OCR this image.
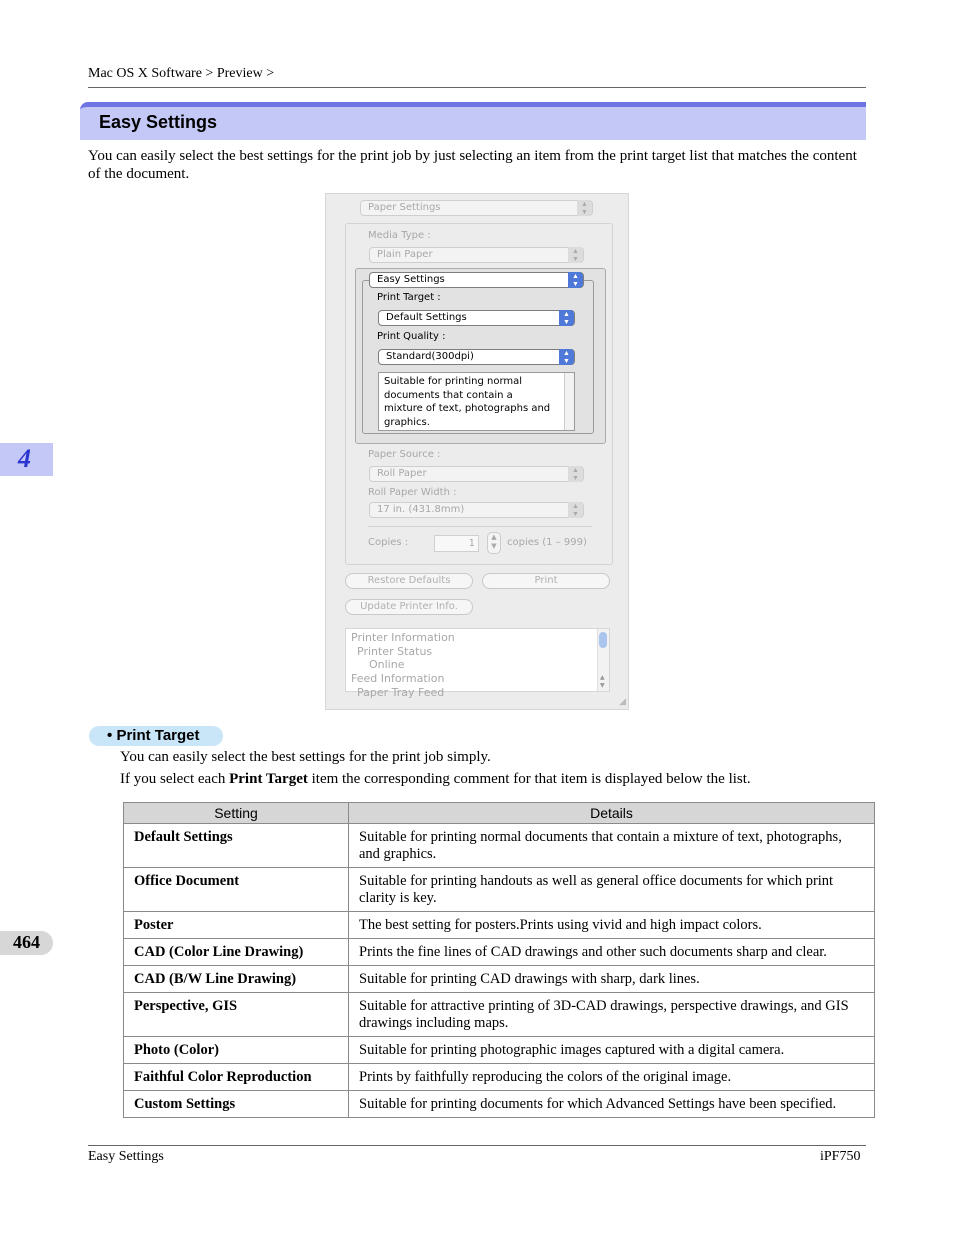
Mac OS X Software > Preview >
Easy Settings
You can easily select the best settings for the print job by just selecting an item from the print target list that matches the content of the document.
4
464
Paper Settings	▲
▼
Media Type :
Plain Paper	▲
▼
Easy Settings	▲
▼
Print Target :
Default Settings	▲
▼
Print Quality :
Standard(300dpi)	▲
▼
Suitable for printing normal
documents that contain a
mixture of text, photographs and
graphics.
Paper Source :
Roll Paper	▲
▼
Roll Paper Width :
17 in. (431.8mm)	▲
▼
Copies :	1
▲
▼	copies (1 – 999)
Restore Defaults	Print
Update Printer Info.
Printer Information
Printer Status
Online
Feed Information
Paper Tray Feed
▲
▼
◢
• Print Target
You can easily select the best settings for the print job simply.
If you select each Print Target item the corresponding comment for that item is displayed below the list.
Setting	Details
Default Settings	Suitable for printing normal documents that contain a mixture of text, photographs, and graphics.
Office Document	Suitable for printing handouts as well as general office documents for which print clarity is key.
Poster	The best setting for posters.Prints using vivid and high impact colors.
CAD (Color Line Drawing)	Prints the fine lines of CAD drawings and other such documents sharp and clear.
CAD (B/W Line Drawing)	Suitable for printing CAD drawings with sharp, dark lines.
Perspective, GIS	Suitable for attractive printing of 3D-CAD drawings, perspective drawings, and GIS drawings including maps.
Photo (Color)	Suitable for printing photographic images captured with a digital camera.
Faithful Color Reproduction	Prints by faithfully reproducing the colors of the original image.
Custom Settings	Suitable for printing documents for which Advanced Settings have been specified.
Easy Settings	iPF750
